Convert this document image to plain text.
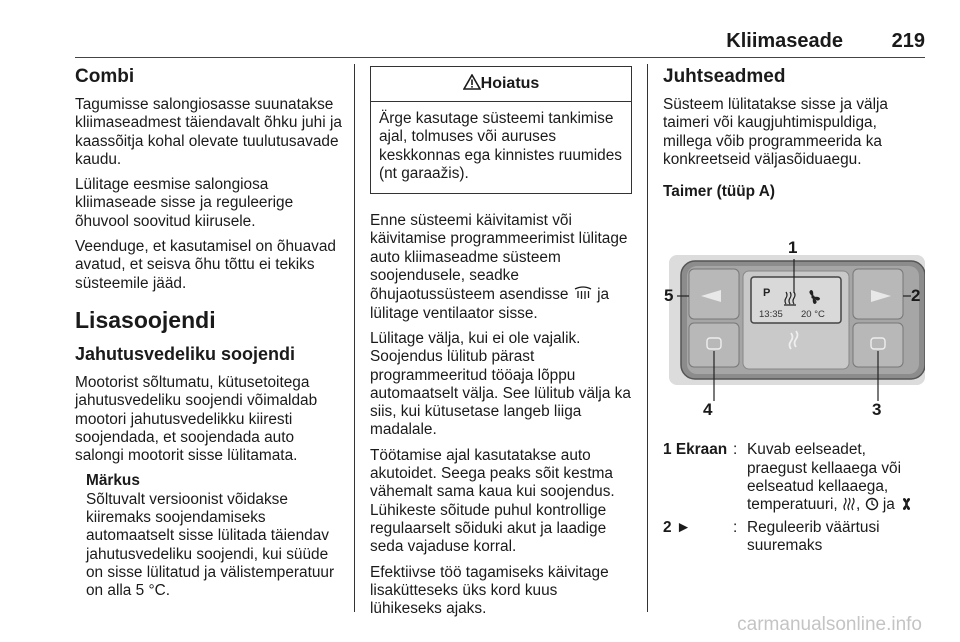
Kliimaseade 219
Combi

Tagumisse salongiosasse suunatakse kliimaseadmest täiendavalt õhku juhi ja kaassõitja kohal olevate tuulutusavade kaudu.

Lülitage eesmise salongiosa kliimaseade sisse ja reguleerige õhuvool soovitud kiirusele.

Veenduge, et kasutamisel on õhuavad avatud, et seisva õhu tõttu ei tekiks süsteemile jääd.

Lisasoojendi
Jahutusvedeliku soojendi

Mootorist sõltumatu, kütusetoitega jahutusvedeliku soojendi võimaldab mootori jahutusvedelikku kiiresti soojendada, et soojendada auto salongi mootorit sisse lülitamata.

Märkus
Sõltuvalt versioonist võidakse kiiremaks soojendamiseks automaatselt sisse lülitada täiendav jahutusvedeliku soojendi, kui süüde on sisse lülitatud ja välistemperatuur on alla 5 °C.
Hoiatus
Ärge kasutage süsteemi tankimise ajal, tolmuses või auruses keskkonnas ega kinnistes ruumides (nt garaažis).

Enne süsteemi käivitamist või käivitamise programmeerimist lülitage auto kliimaseadme süsteem soojendusele, seadke õhujaotussüsteem asendisse ja lülitage ventilaator sisse.

Lülitage välja, kui ei ole vajalik. Soojendus lülitub pärast programmeeritud tööaja lõppu automaatselt välja. See lülitub välja ka siis, kui kütusetase langeb liiga madalale.

Töötamise ajal kasutatakse auto akutoidet. Seega peaks sõit kestma vähemalt sama kaua kui soojendus. Lühikeste sõitude puhul kontrollige regulaarselt sõiduki akut ja laadige seda vajaduse korral.

Efektiivse töö tagamiseks käivitage lisakütteseks üks kord kuus lühikeseks ajaks.

Juhtseadmed

Süsteem lülitatakse sisse ja välja taimeri või kaugjuhtimispuldiga, millega võib programmeerida ka konkreetseid väljasõiduaegu.

Taimer (tüüp A)
P
13:35 20 °C
1
2
3
4
5
1 Ekraan : Kuvab eelseadet, praegust kellaaega või eelseatud kellaaega, temperatuuri, ,  ja
2 ►	: Reguleerib väärtusi suuremaks
carmanualsonline.info
